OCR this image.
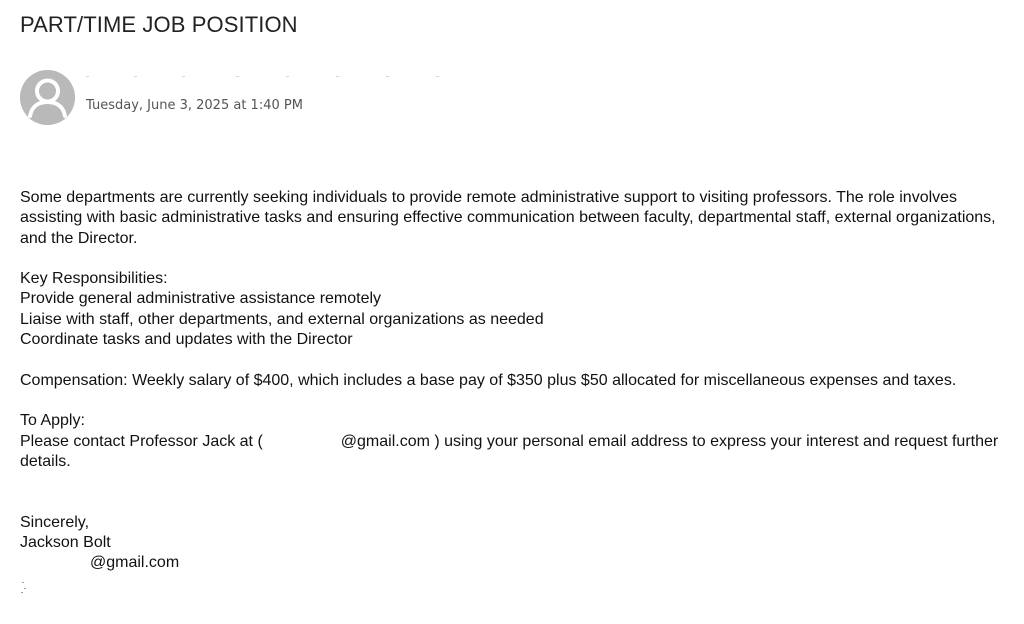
PART/TIME JOB POSITION
Tuesday, June 3, 2025 at 1:40 PM

Some departments are currently seeking individuals to provide remote administrative support to visiting professors. The role involves assisting with basic administrative tasks and ensuring effective communication between faculty, departmental staff, external organizations, and the Director.

Key Responsibilities:

Provide general administrative assistance remotely

Liaise with staff, other departments, and external organizations as needed

Coordinate tasks and updates with the Director

Compensation: Weekly salary of $400, which includes a base pay of $350 plus $50 allocated for miscellaneous expenses and taxes.

To Apply:

Please contact Professor Jack at (	@gmail.com ) using your personal email address to express your interest and request further details.

Sincerely,

Jackson Bolt

@gmail.com
